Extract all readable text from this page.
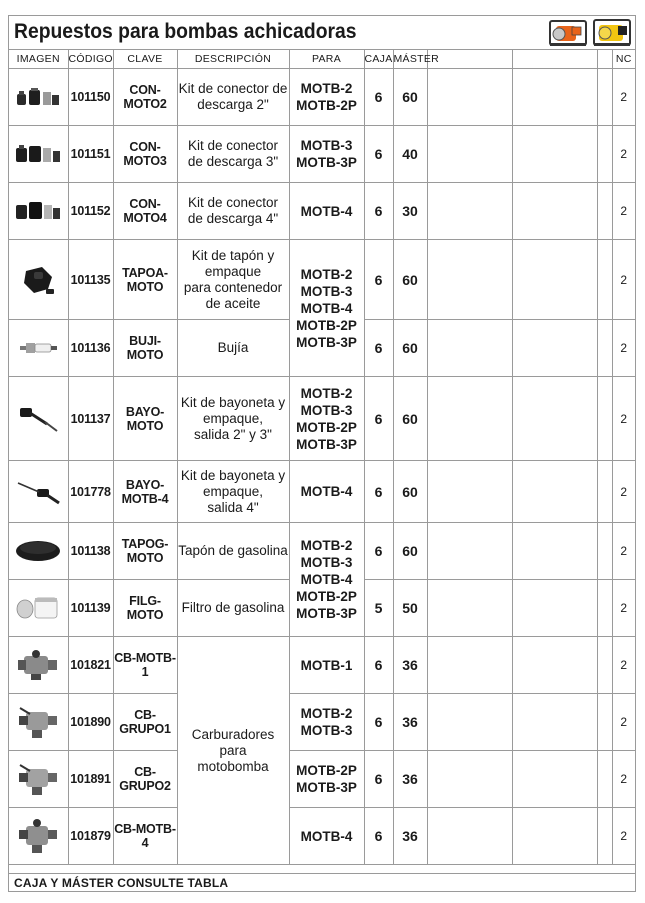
Repuestos para bombas achicadoras
IMAGEN	CÓDIGO	CLAVE	DESCRIPCIÓN	PARA	CAJA	MÁSTER				NC

	101150	CON-MOTO2	Kit de conector de
descarga 2"	MOTB-2
MOTB-2P	6	60				2

	101151	CON-MOTO3	Kit de conector
de descarga 3"	MOTB-3
MOTB-3P	6	40				2

	101152	CON-MOTO4	Kit de conector
de descarga 4"	MOTB-4	6	30				2

	101135	TAPOA-MOTO	Kit de tapón y
empaque
para contenedor
de aceite	MOTB-2
MOTB-3
MOTB-4
MOTB-2P
MOTB-3P	6	60				2

	101136	BUJI-MOTO	Bujía		6	60				2

	101137	BAYO-MOTO	Kit de bayoneta y
empaque,
salida 2" y 3"	MOTB-2
MOTB-3
MOTB-2P
MOTB-3P	6	60				2

	101778	BAYO-MOTB-4	Kit de bayoneta y
empaque,
salida 4"	MOTB-4	6	60				2

	101138	TAPOG-MOTO	Tapón de gasolina	MOTB-2
MOTB-3
MOTB-4
MOTB-2P
MOTB-3P	6	60				2

	101139	FILG-MOTO	Filtro de gasolina		5	50				2

	101821	CB-MOTB-1	Carburadores para
motobomba	MOTB-1	6	36				2

	101890	CB-GRUPO1		MOTB-2
MOTB-3	6	36				2

	101891	CB-GRUPO2		MOTB-2P
MOTB-3P	6	36				2

	101879	CB-MOTB-4		MOTB-4	6	36				2
CAJA Y MÁSTER CONSULTE TABLA
